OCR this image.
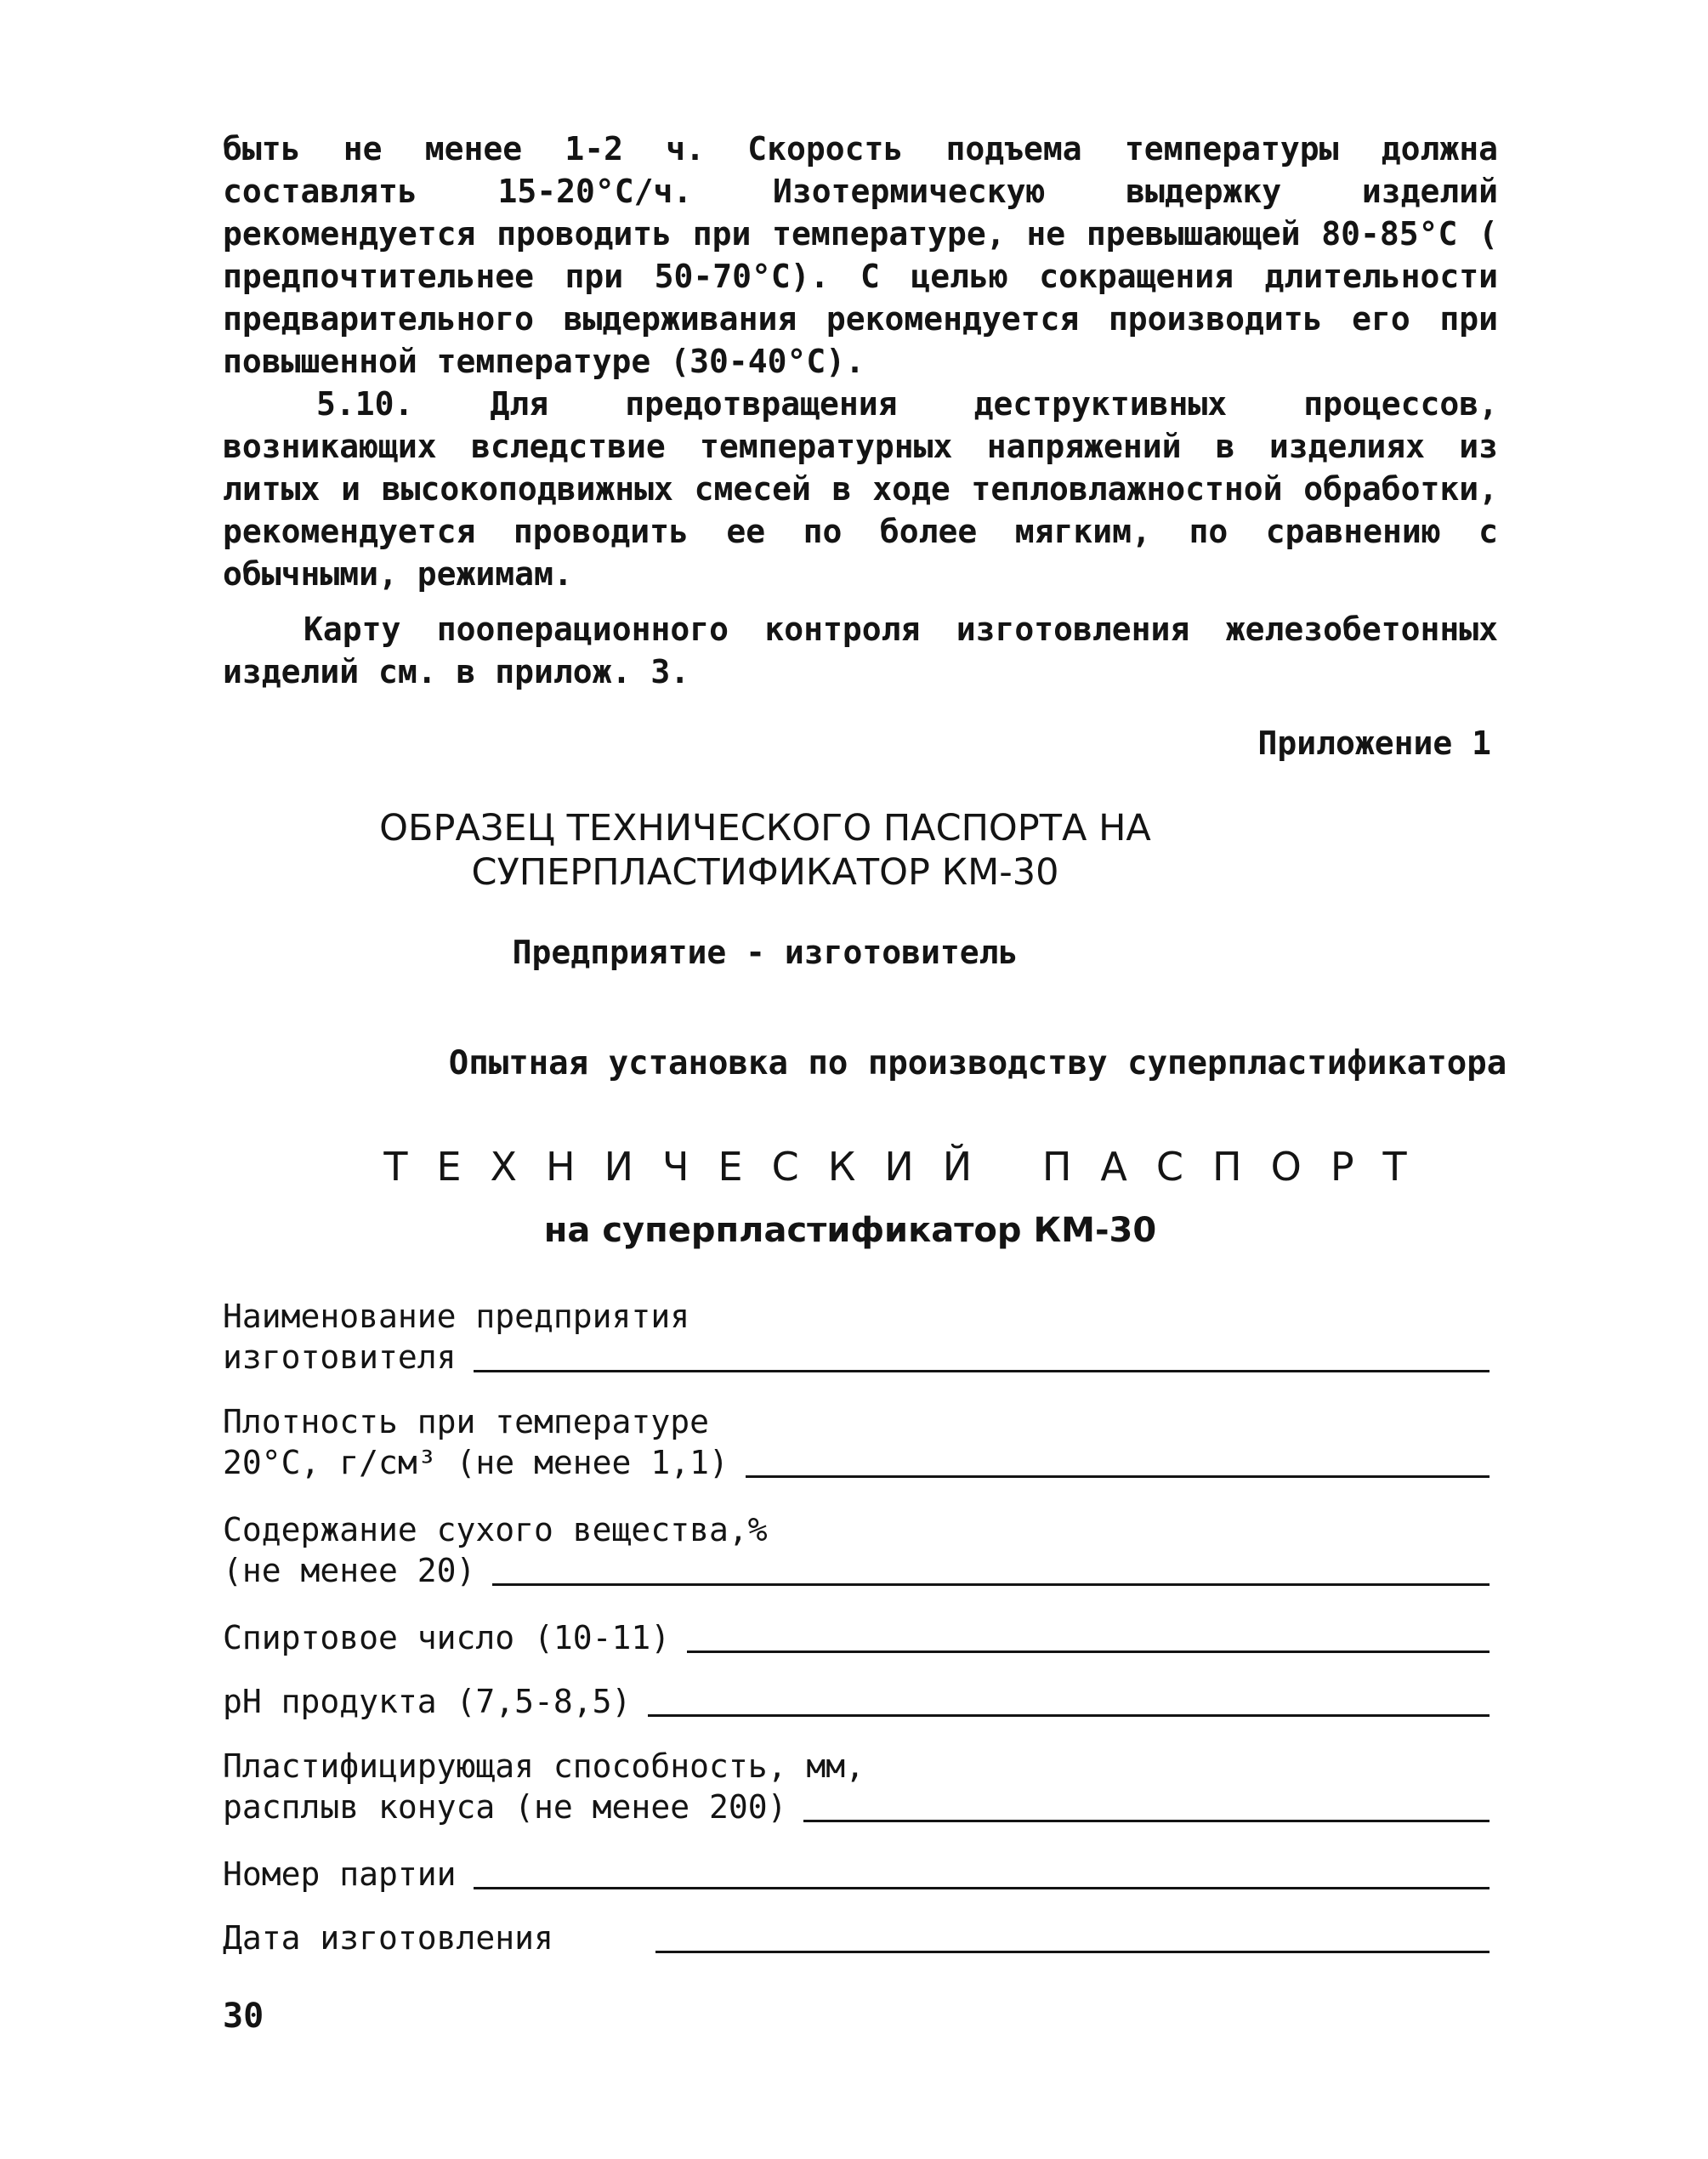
быть не менее 1-2 ч. Скорость подъема температуры должна составлять 15-20°С/ч. Изотермическую выдержку изделий рекомендуется проводить при температуре, не превышающей 80-85°С ( предпочтительнее при 50-70°С). С целью сокращения длительности предварительного выдерживания рекомендуется производить его при повышенной температуре (30-40°С).

5.10. Для предотвращения деструктивных процессов, возникающих вследствие температурных напряжений в изделиях из литых и высокоподвижных смесей в ходе тепловлажностной обработки, рекомендуется проводить ее по более мягким, по сравнению с обычными, режимам.

Карту пооперационного контроля изготовления железобетонных изделий см. в прилож. 3.

Приложение 1

ОБРАЗЕЦ ТЕХНИЧЕСКОГО ПАСПОРТА НА
СУПЕРПЛАСТИФИКАТОР КМ-30

Предприятие - изготовитель

Опытная установка по производству суперпластификатора

ТЕХНИЧЕСКИЙ ПАСПОРТ

на суперпластификатор КМ-30

Наименование предприятия
изготовителя
Плотность при температуре
20°С, г/см³ (не менее 1,1)
Содержание сухого вещества,%
(не менее 20)
Спиртовое число (10-11)
pH продукта (7,5-8,5)
Пластифицирующая способность, мм,
расплыв конуса (не менее 200)
Номер партии
Дата изготовления

30
